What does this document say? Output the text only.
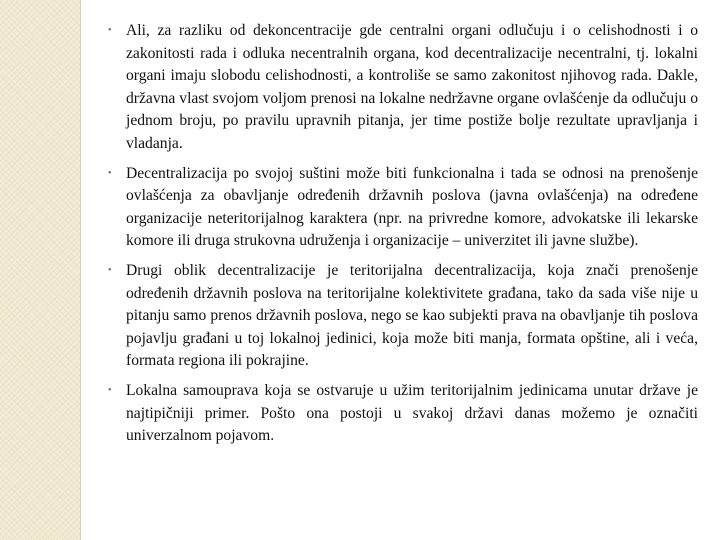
• Ali, za razliku od dekoncentracije gde centralni organi odlučuju i o celishodnosti i o zakonitosti rada i odluka necentralnih organa, kod decentralizacije necentralni, tj. lokalni organi imaju slobodu celishodnosti, a kontroliše se samo zakonitost njihovog rada. Dakle, državna vlast svojom voljom prenosi na lokalne nedržavne organe ovlašćenje da odlučuju o jednom broju, po pravilu upravnih pitanja, jer time postiže bolje rezultate upravljanja i vladanja.
• Decentralizacija po svojoj suštini može biti funkcionalna i tada se odnosi na prenošenje ovlašćenja za obavljanje određenih državnih poslova (javna ovlašćenja) na određene organizacije neteritorijalnog karaktera (npr. na privredne komore, advokatske ili lekarske komore ili druga strukovna udruženja i organizacije – univerzitet ili javne službe).
• Drugi oblik decentralizacije je teritorijalna decentralizacija, koja znači prenošenje određenih državnih poslova na teritorijalne kolektivitete građana, tako da sada više nije u pitanju samo prenos državnih poslova, nego se kao subjekti prava na obavljanje tih poslova pojavlju građani u toj lokalnoj jedinici, koja može biti manja, formata opštine, ali i veća, formata regiona ili pokrajine.
• Lokalna samouprava koja se ostvaruje u užim teritorijalnim jedinicama unutar države je najtipičniji primer. Pošto ona postoji u svakoj državi danas možemo je označiti univerzalnom pojavom.
